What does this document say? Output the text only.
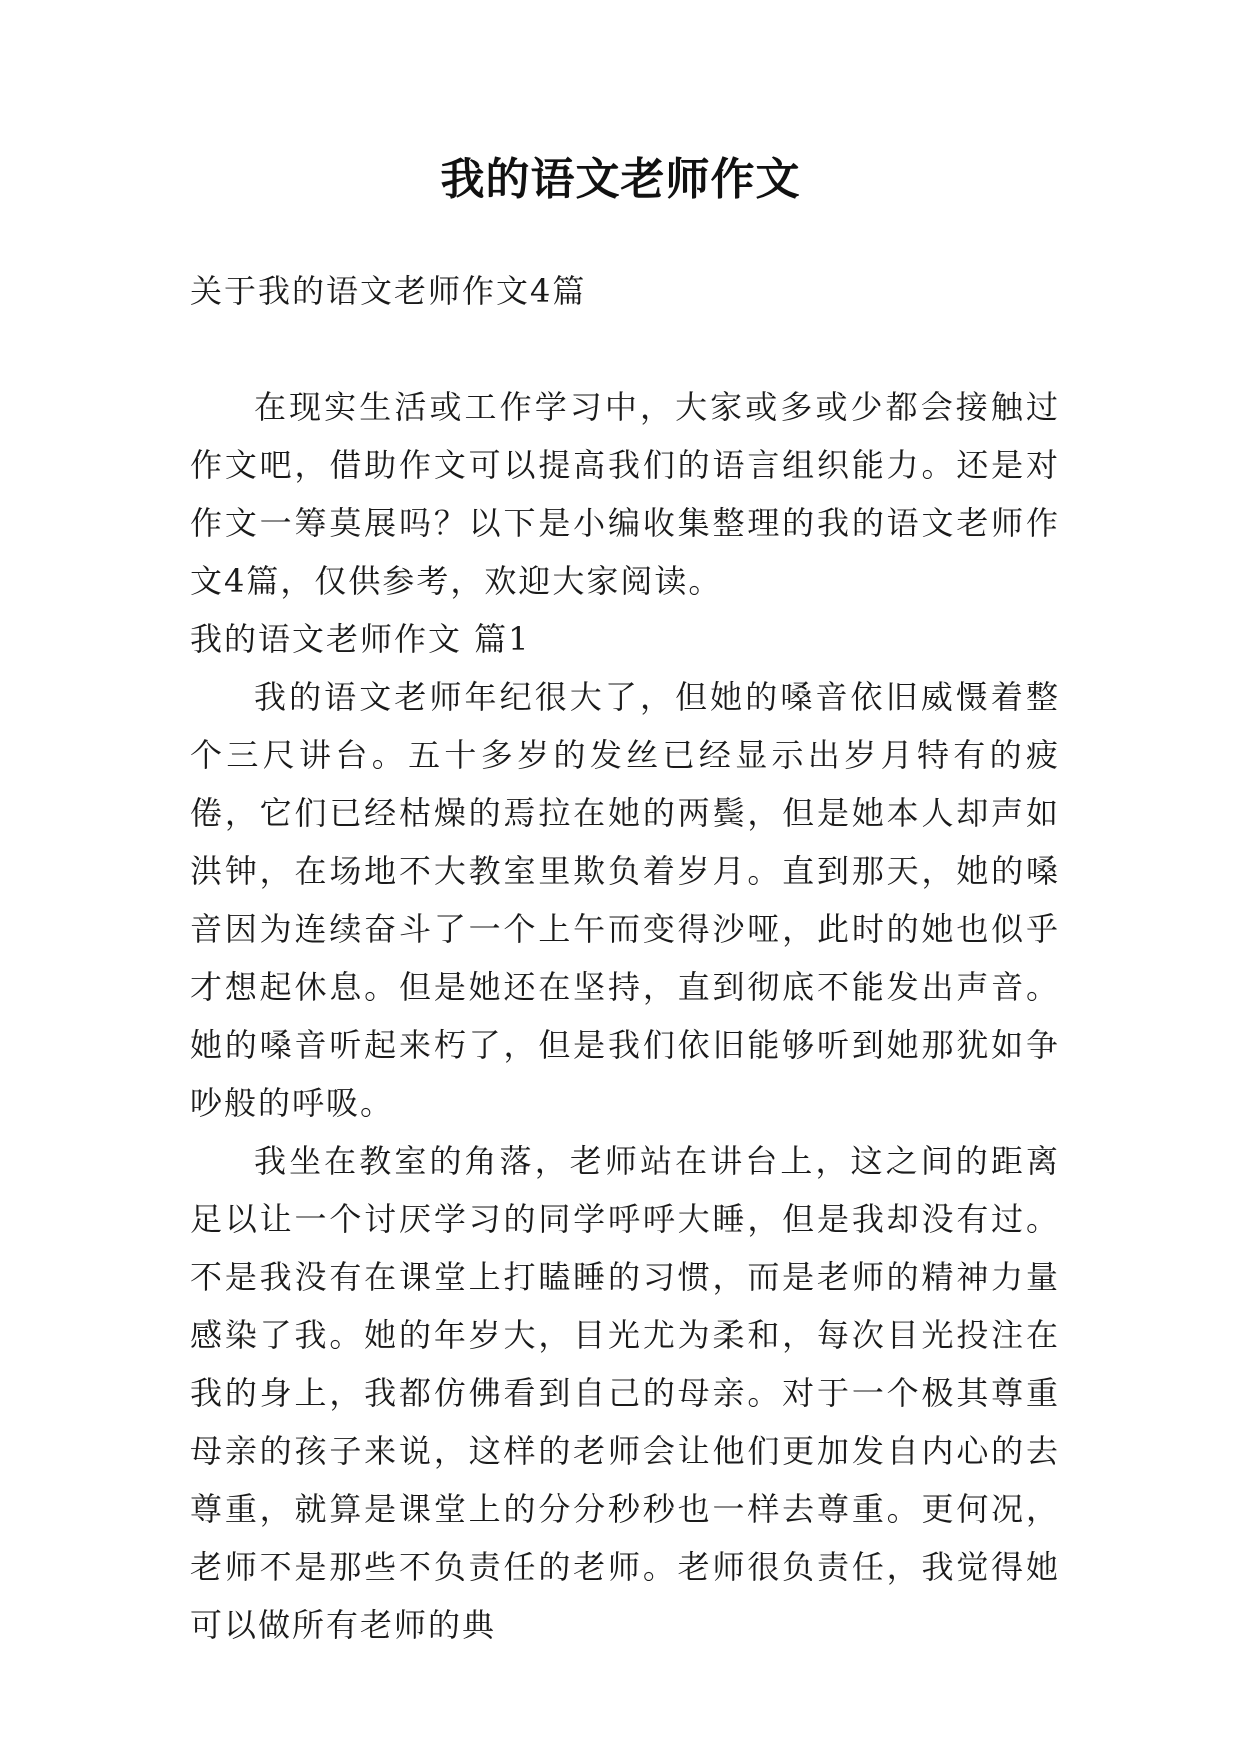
我的语文老师作文

关于我的语文老师作文4篇

在现实生活或工作学习中，大家或多或少都会接触过作文吧，借助作文可以提高我们的语言组织能力。还是对作文一筹莫展吗？以下是小编收集整理的我的语文老师作文4篇，仅供参考，欢迎大家阅读。

我的语文老师作文 篇1

我的语文老师年纪很大了，但她的嗓音依旧威慑着整个三尺讲台。五十多岁的发丝已经显示出岁月特有的疲倦，它们已经枯燥的焉拉在她的两鬓，但是她本人却声如洪钟，在场地不大教室里欺负着岁月。直到那天，她的嗓音因为连续奋斗了一个上午而变得沙哑，此时的她也似乎才想起休息。但是她还在坚持，直到彻底不能发出声音。她的嗓音听起来朽了，但是我们依旧能够听到她那犹如争吵般的呼吸。

我坐在教室的角落，老师站在讲台上，这之间的距离足以让一个讨厌学习的同学呼呼大睡，但是我却没有过。不是我没有在课堂上打瞌睡的习惯，而是老师的精神力量感染了我。她的年岁大，目光尤为柔和，每次目光投注在我的身上，我都仿佛看到自己的母亲。对于一个极其尊重母亲的孩子来说，这样的老师会让他们更加发自内心的去尊重，就算是课堂上的分分秒秒也一样去尊重。更何况，老师不是那些不负责任的老师。老师很负责任，我觉得她可以做所有老师的典
